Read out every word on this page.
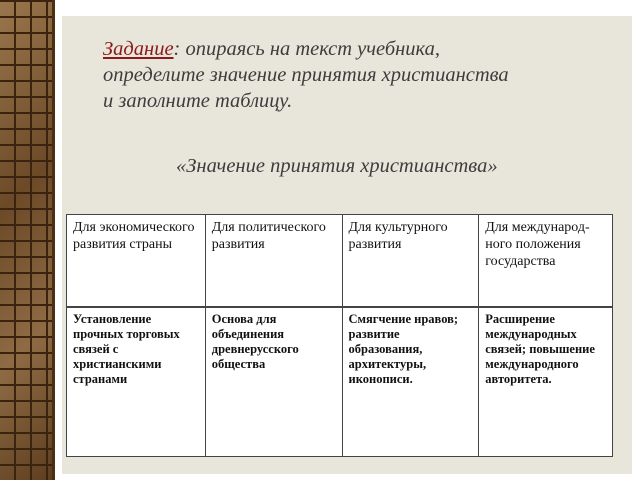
Задание: опираясь на текст учебника,
определите значение принятия христианства
и заполните таблицу.
«Значение принятия христианства»
Для экономического развития страны	Для политического развития	Для культурного развития	Для международ-ного положения государства
Установление прочных торговых связей с христианскими странами	Основа для объединения древнерусского общества	Смягчение нравов; развитие образования, архитектуры, иконописи.	Расширение международных связей; повышение международного авторитета.
